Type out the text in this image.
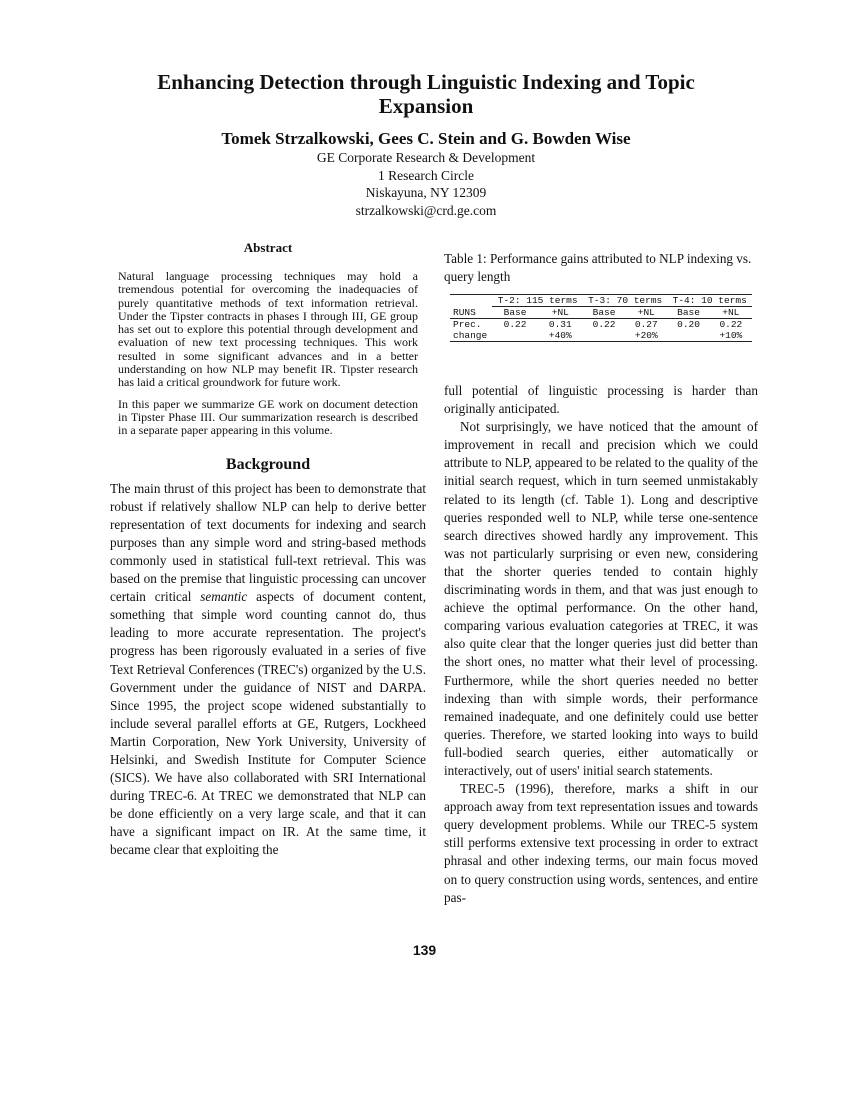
Enhancing Detection through Linguistic Indexing and Topic Expansion
Tomek Strzalkowski, Gees C. Stein and G. Bowden Wise
GE Corporate Research & Development
1 Research Circle
Niskayuna, NY 12309
strzalkowski@crd.ge.com
Abstract

Natural language processing techniques may hold a tremendous potential for overcoming the inadequacies of purely quantitative methods of text information retrieval. Under the Tipster contracts in phases I through III, GE group has set out to explore this potential through development and evaluation of new text processing techniques. This work resulted in some significant advances and in a better understanding on how NLP may benefit IR. Tipster research has laid a critical groundwork for future work.

In this paper we summarize GE work on document detection in Tipster Phase III. Our summarization research is described in a separate paper appearing in this volume.

Background

The main thrust of this project has been to demonstrate that robust if relatively shallow NLP can help to derive better representation of text documents for indexing and search purposes than any simple word and string-based methods commonly used in statistical full-text retrieval. This was based on the premise that linguistic processing can uncover certain critical semantic aspects of document content, something that simple word counting cannot do, thus leading to more accurate representation. The project's progress has been rigorously evaluated in a series of five Text Retrieval Conferences (TREC's) organized by the U.S. Government under the guidance of NIST and DARPA. Since 1995, the project scope widened substantially to include several parallel efforts at GE, Rutgers, Lockheed Martin Corporation, New York University, University of Helsinki, and Swedish Institute for Computer Science (SICS). We have also collaborated with SRI International during TREC-6. At TREC we demonstrated that NLP can be done efficiently on a very large scale, and that it can have a significant impact on IR. At the same time, it became clear that exploiting the

Table 1: Performance gains attributed to NLP indexing vs. query length
	T-2: 115 terms		T-3: 70 terms		T-4: 10 terms	
RUNS	Base	+NL	Base	+NL	Base	+NL
Prec.	0.22	0.31	0.22	0.27	0.20	0.22
change		+40%		+20%		+10%

full potential of linguistic processing is harder than originally anticipated.

Not surprisingly, we have noticed that the amount of improvement in recall and precision which we could attribute to NLP, appeared to be related to the quality of the initial search request, which in turn seemed unmistakably related to its length (cf. Table 1). Long and descriptive queries responded well to NLP, while terse one-sentence search directives showed hardly any improvement. This was not particularly surprising or even new, considering that the shorter queries tended to contain highly discriminating words in them, and that was just enough to achieve the optimal performance. On the other hand, comparing various evaluation categories at TREC, it was also quite clear that the longer queries just did better than the short ones, no matter what their level of processing. Furthermore, while the short queries needed no better indexing than with simple words, their performance remained inadequate, and one definitely could use better queries. Therefore, we started looking into ways to build full-bodied search queries, either automatically or interactively, out of users' initial search statements.

TREC-5 (1996), therefore, marks a shift in our approach away from text representation issues and towards query development problems. While our TREC-5 system still performs extensive text processing in order to extract phrasal and other indexing terms, our main focus moved on to query construction using words, sentences, and entire pas-

139
